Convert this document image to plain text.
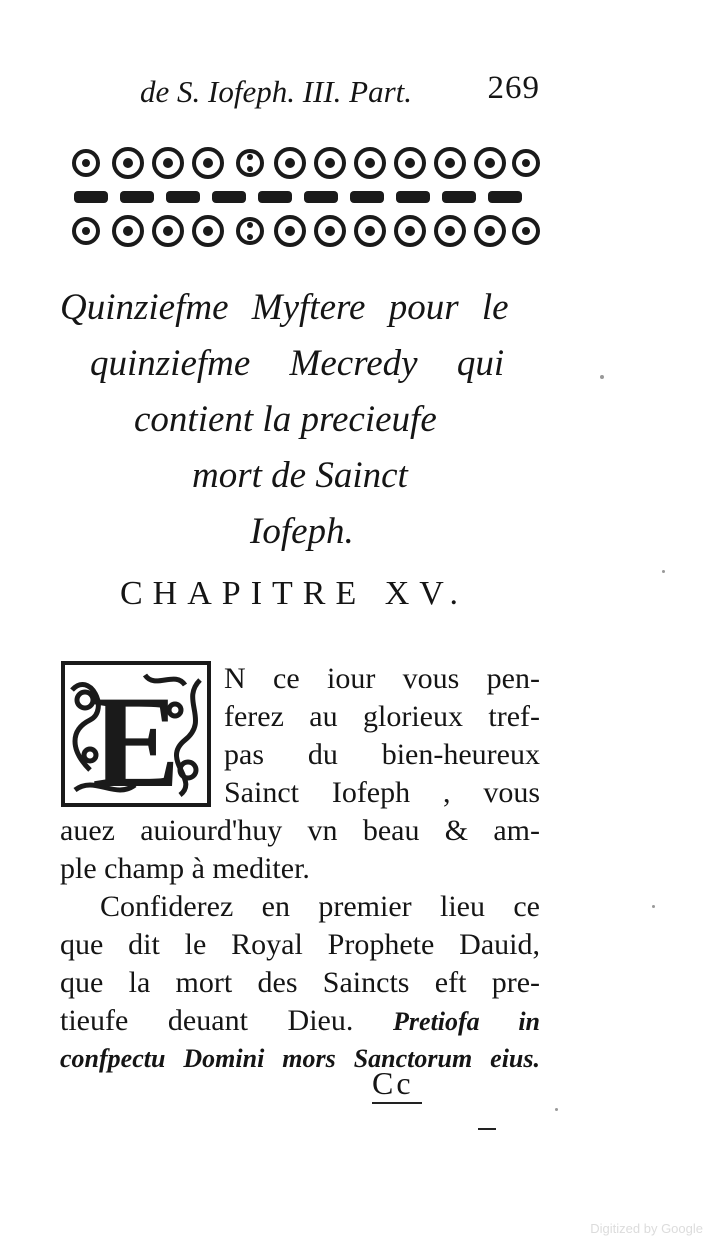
de S. Iofeph. III. Part. 269
Quinziefme Myftere pour le
quinziefme Mecredy qui
contient la precieufe
mort de Sainct
Iofeph.
CHAPITRE XV.
E N ce iour vous pen-
ferez au glorieux tref-
pas du bien-heureux
Sainct Iofeph , vous
auez auiourd'huy vn beau & am-
ple champ à mediter.
Confiderez en premier lieu ce
que dit le Royal Prophete Dauid,
que la mort des Saincts eft pre-
tieufe deuant Dieu. Pretiofa in
confpectu Domini mors Sanctorum eius.
Cc
Digitized by Google
